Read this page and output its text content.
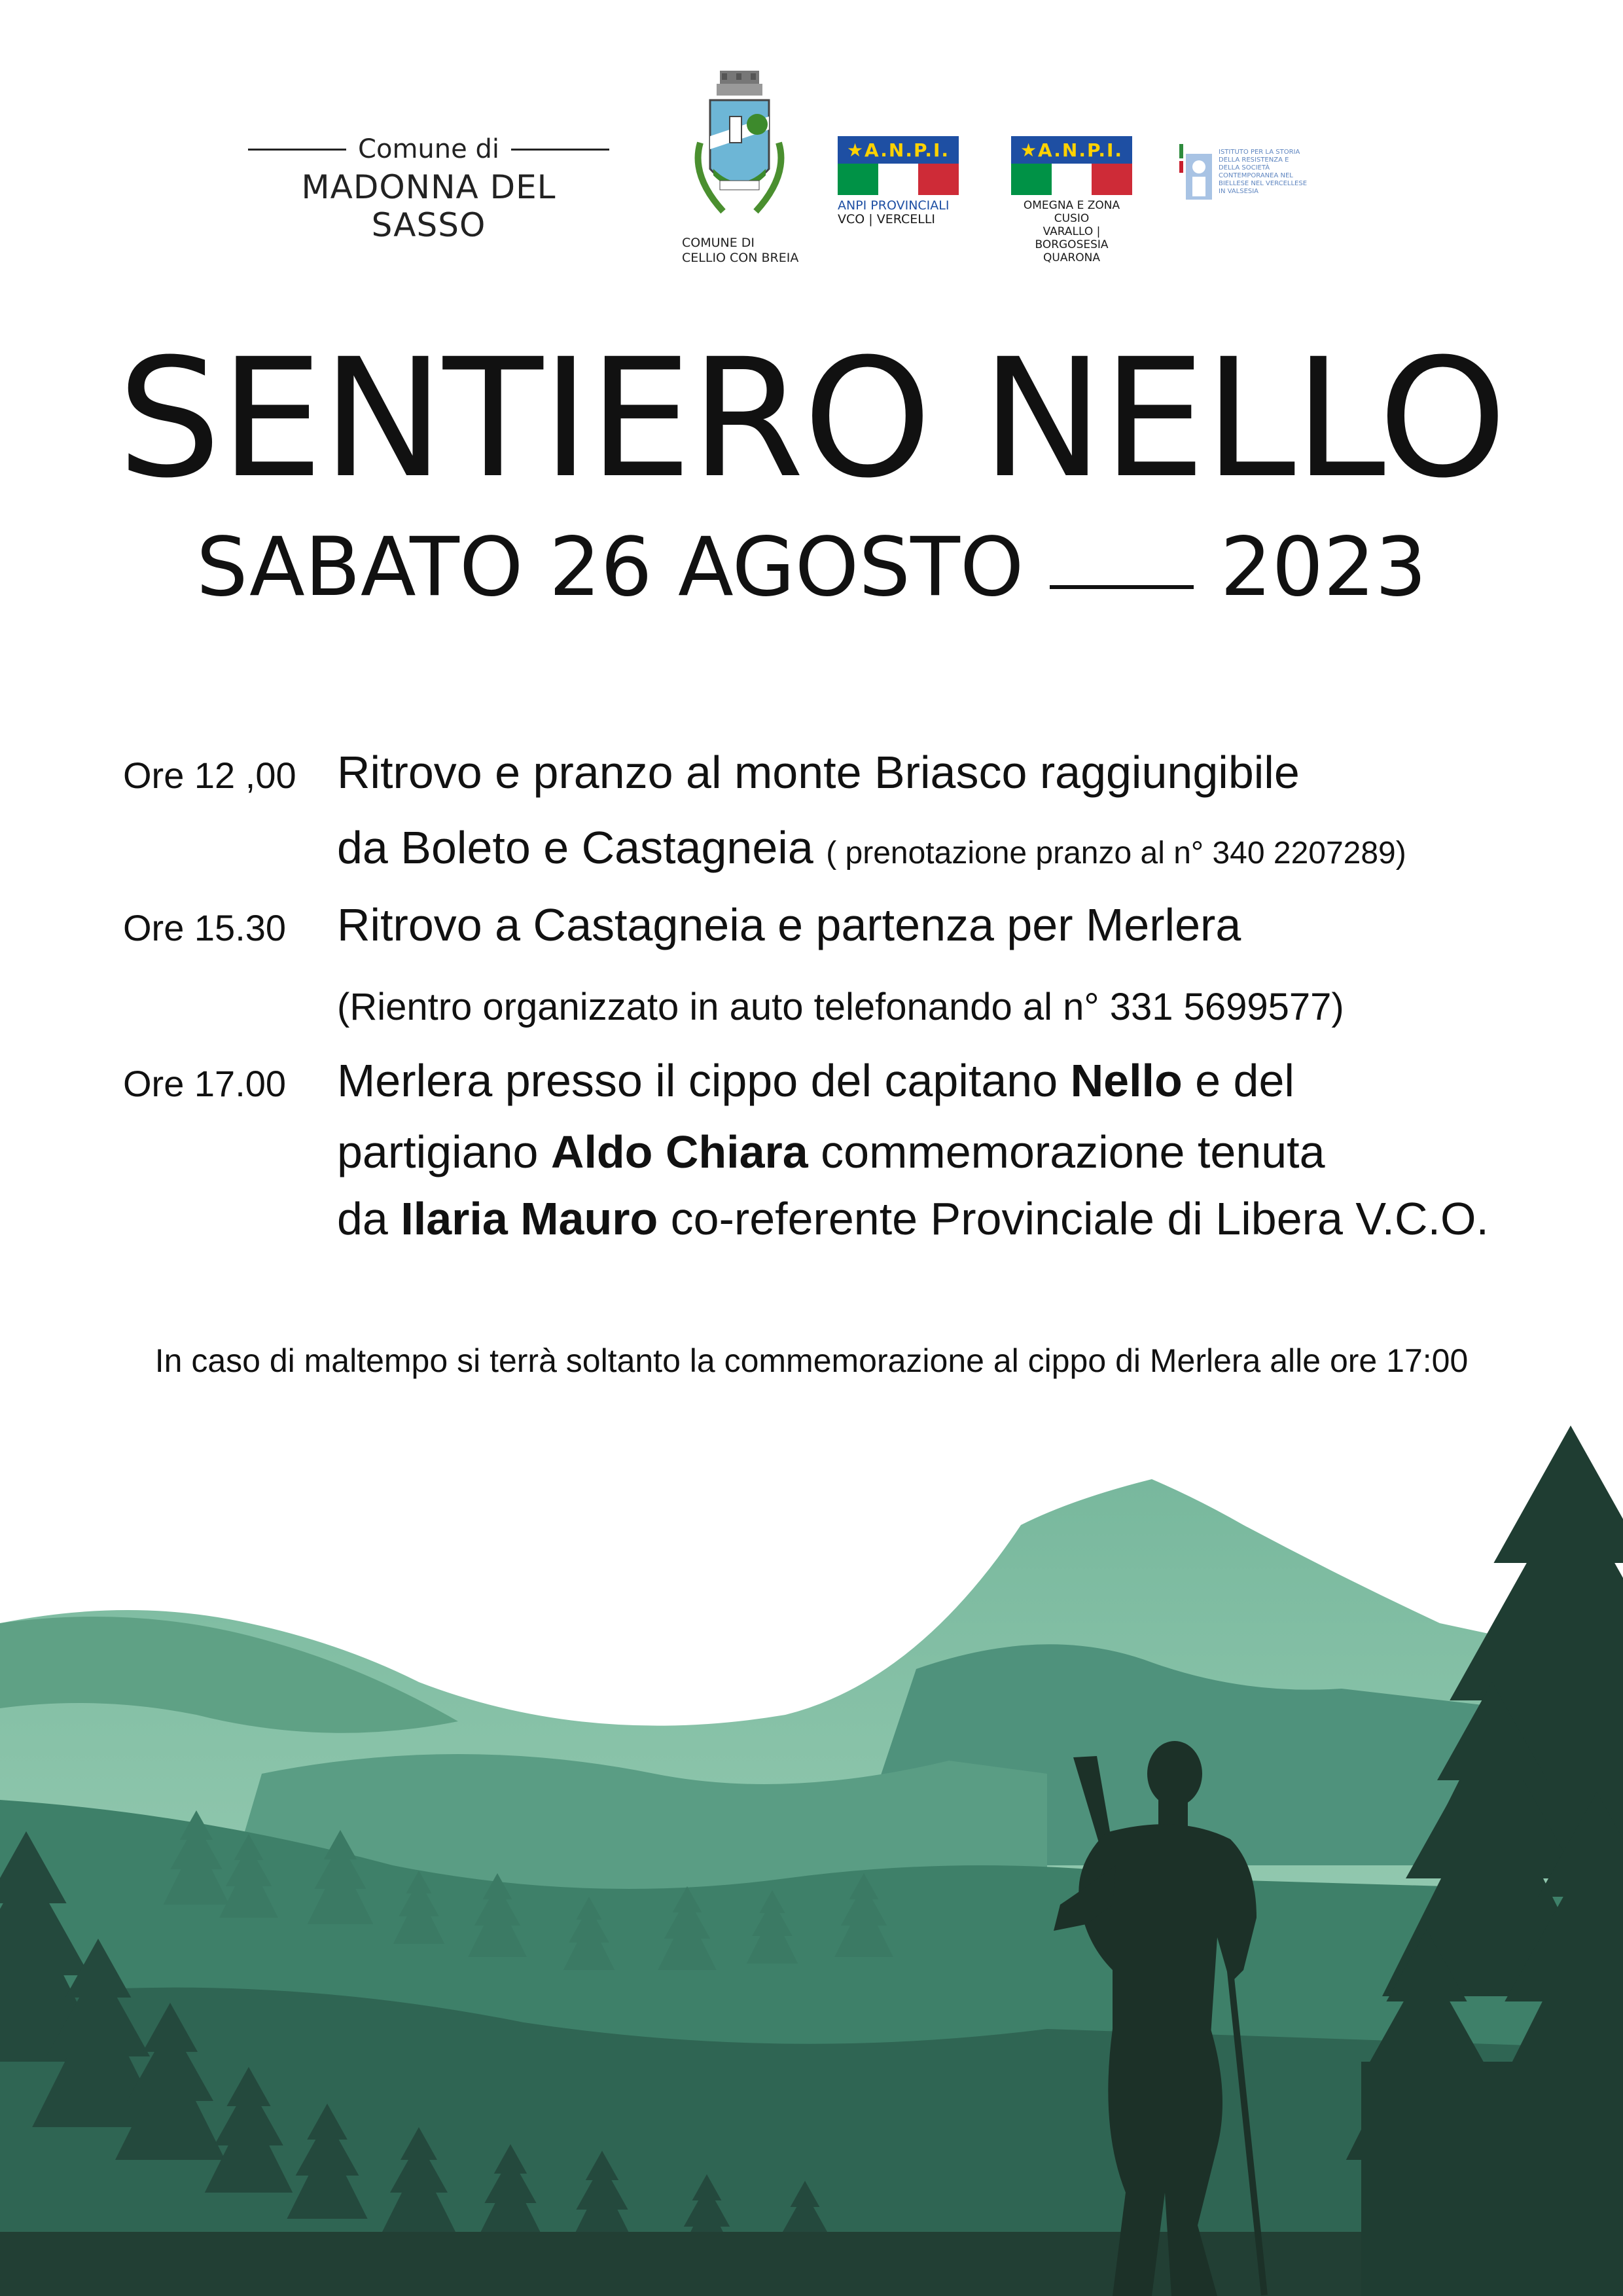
Comune di
MADONNA DEL SASSO	COMUNE DI
CELLIO CON BREIA
★A.N.P.I.
ANPI PROVINCIALI
VCO | VERCELLI
★A.N.P.I.
OMEGNA E ZONA CUSIO
VARALLO | BORGOSESIA
QUARONA
ISTITUTO PER LA STORIA DELLA RESISTENZA E DELLA SOCIETÀ CONTEMPORANEA NEL BIELLESE NEL VERCELLESE IN VALSESIA
SENTIERO NELLO
SABATO 26 AGOSTO 2023
Ore 12 ,00 Ritrovo e pranzo al monte Briasco raggiungibile
da Boleto e Castagneia ( prenotazione pranzo al n° 340 2207289)
Ore 15.30 Ritrovo a Castagneia e partenza per Merlera
(Rientro organizzato in auto telefonando al n° 331 5699577)
Ore 17.00 Merlera presso il cippo del capitano Nello e del
partigiano Aldo Chiara commemorazione tenuta
da Ilaria Mauro co-referente Provinciale di Libera V.C.O.
In caso di maltempo si terrà soltanto la commemorazione al cippo di Merlera alle ore 17:00
